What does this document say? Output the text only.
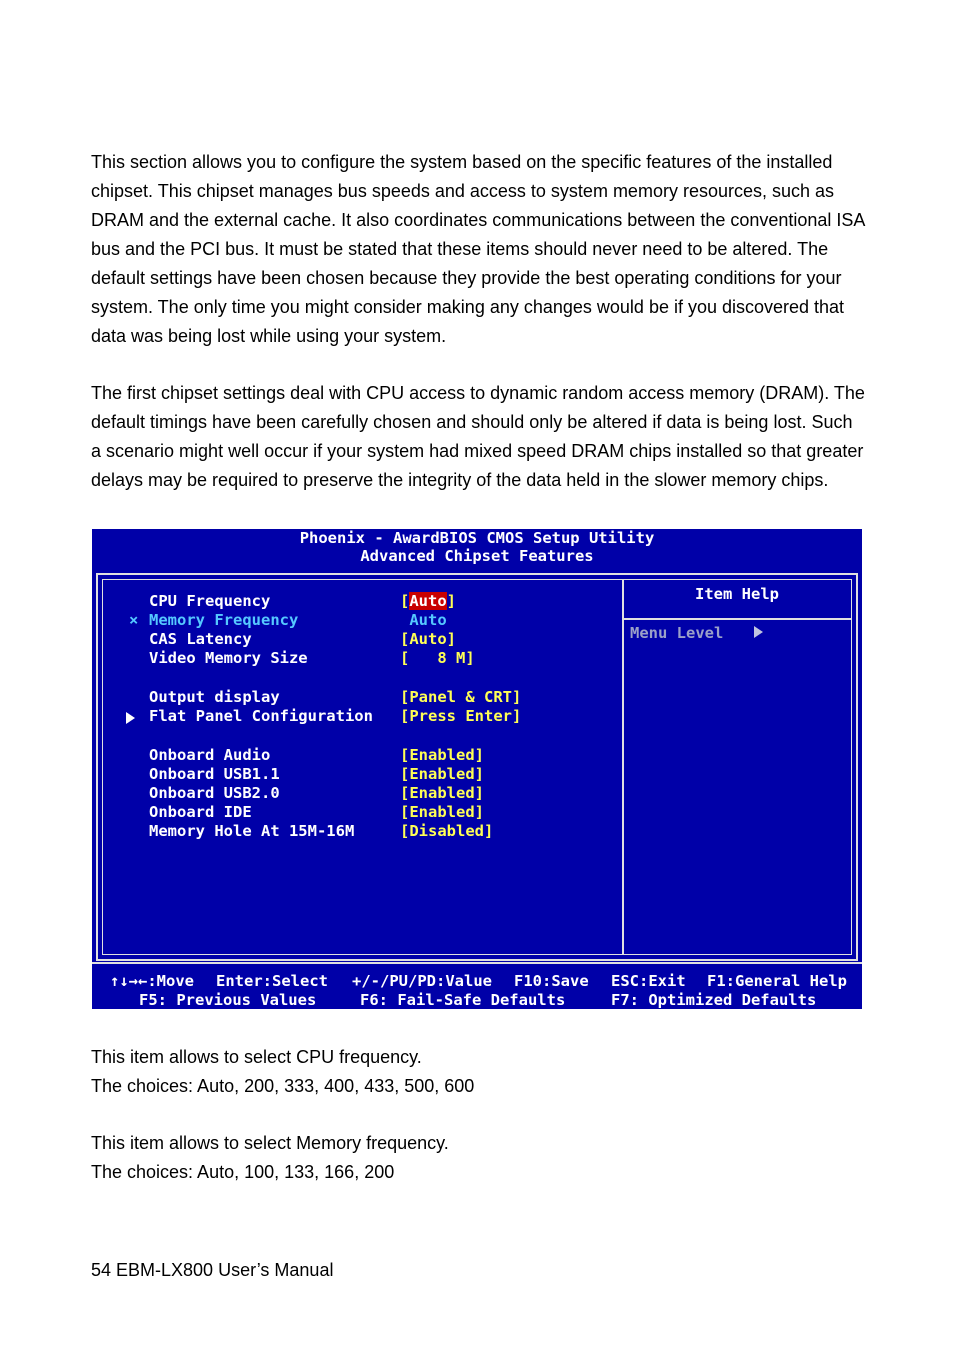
This section allows you to configure the system based on the specific features of the installed chipset. This chipset manages bus speeds and access to system memory resources, such as DRAM and the external cache. It also coordinates communications between the conventional ISA bus and the PCI bus. It must be stated that these items should never need to be altered. The default settings have been chosen because they provide the best operating conditions for your system. The only time you might consider making any changes would be if you discovered that data was being lost while using your system.

The first chipset settings deal with CPU access to dynamic random access memory (DRAM). The default timings have been carefully chosen and should only be altered if data is being lost. Such a scenario might well occur if your system had mixed speed DRAM chips installed so that greater delays may be required to preserve the integrity of the data held in the slower memory chips.

Phoenix - AwardBIOS CMOS Setup Utility
Advanced Chipset Features
CPU Frequency	[Auto]
× Memory Frequency	Auto
CAS Latency	[Auto]
Video Memory Size	[   8 M]
Output display	[Panel & CRT]
Flat Panel Configuration [Press Enter]
Onboard Audio	[Enabled]
Onboard USB1.1	[Enabled]
Onboard USB2.0	[Enabled]
Onboard IDE	[Enabled]
Memory Hole At 15M-16M	[Disabled]
Item Help
Menu Level

↑↓→←:Move

Enter:Select

+/-/PU/PD:Value

F10:Save

ESC:Exit

F1:General Help

F5: Previous Values

	F6: Fail-Safe Defaults

	F7: Optimized Defaults

This item allows to select CPU frequency.

The choices: Auto, 200, 333, 400, 433, 500, 600

This item allows to select Memory frequency.

The choices: Auto, 100, 133, 166, 200

54 EBM-LX800 User’s Manual
